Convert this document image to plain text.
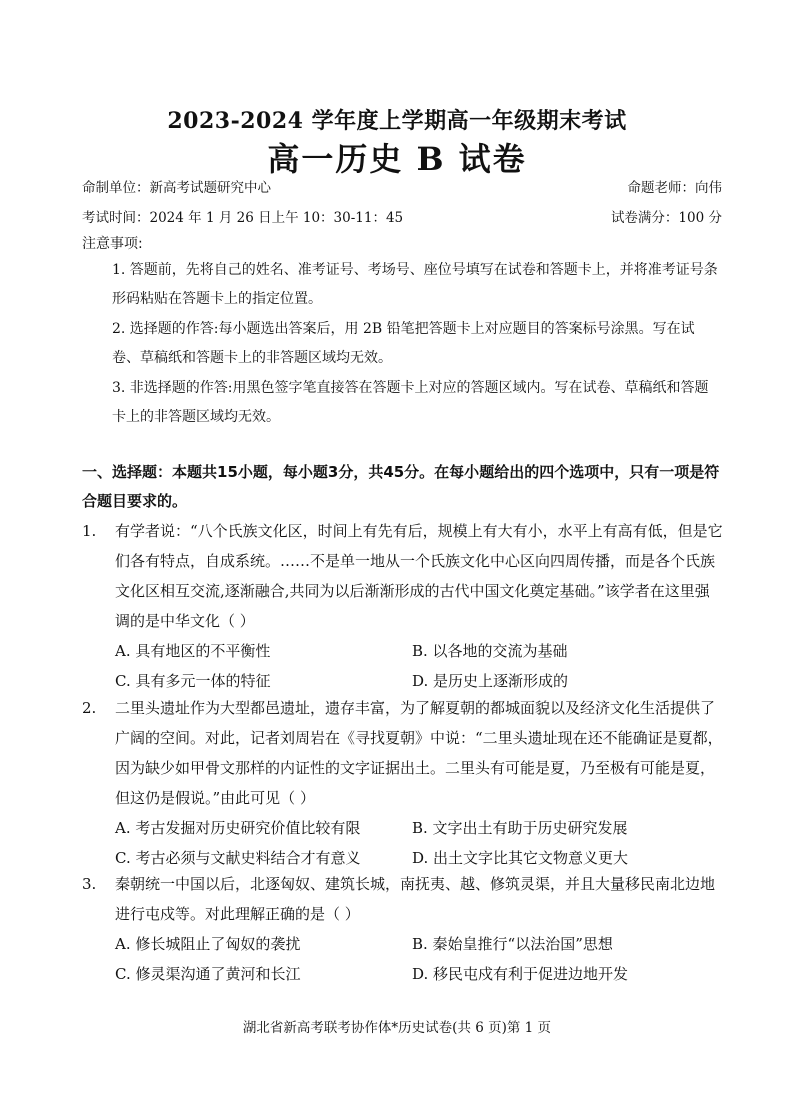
2023-2024 学年度上学期高一年级期末考试
高一历史 B 试卷
命制单位：新高考试题研究中心	命题老师：向伟
考试时间：2024 年 1 月 26 日上午 10：30-11：45	试卷满分：100 分
注意事项:
1. 答题前，先将自己的姓名、准考证号、考场号、座位号填写在试卷和答题卡上，并将准考证号条形码粘贴在答题卡上的指定位置。
2. 选择题的作答:每小题选出答案后，用 2B 铅笔把答题卡上对应题目的答案标号涂黑。写在试卷、草稿纸和答题卡上的非答题区域均无效。
3. 非选择题的作答:用黑色签字笔直接答在答题卡上对应的答题区域内。写在试卷、草稿纸和答题卡上的非答题区域均无效。
一、选择题：本题共15小题，每小题3分，共45分。在每小题给出的四个选项中，只有一项是符合题目要求的。
1.	有学者说：“八个氏族文化区，时间上有先有后，规模上有大有小，水平上有高有低，但是它们各有特点，自成系统。……不是单一地从一个氏族文化中心区向四周传播，而是各个氏族文化区相互交流,逐渐融合,共同为以后渐渐形成的古代中国文化奠定基础。”该学者在这里强调的是中华文化（ ）
A. 具有地区的不平衡性	B. 以各地的交流为基础
C. 具有多元一体的特征	D. 是历史上逐渐形成的
2.	二里头遗址作为大型都邑遗址，遗存丰富，为了解夏朝的都城面貌以及经济文化生活提供了广阔的空间。对此，记者刘周岩在《寻找夏朝》中说：“二里头遗址现在还不能确证是夏都，因为缺少如甲骨文那样的内证性的文字证据出土。二里头有可能是夏，乃至极有可能是夏，但这仍是假说。”由此可见（ ）
A. 考古发掘对历史研究价值比较有限	B. 文字出土有助于历史研究发展
C. 考古必须与文献史料结合才有意义	D. 出土文字比其它文物意义更大
3.	秦朝统一中国以后，北逐匈奴、建筑长城，南抚夷、越、修筑灵渠，并且大量移民南北边地进行屯戍等。对此理解正确的是（ ）
A. 修长城阻止了匈奴的袭扰	B. 秦始皇推行“以法治国”思想
C. 修灵渠沟通了黄河和长江	D. 移民屯戍有利于促进边地开发
湖北省新高考联考协作体*历史试卷(共 6 页)第 1 页
